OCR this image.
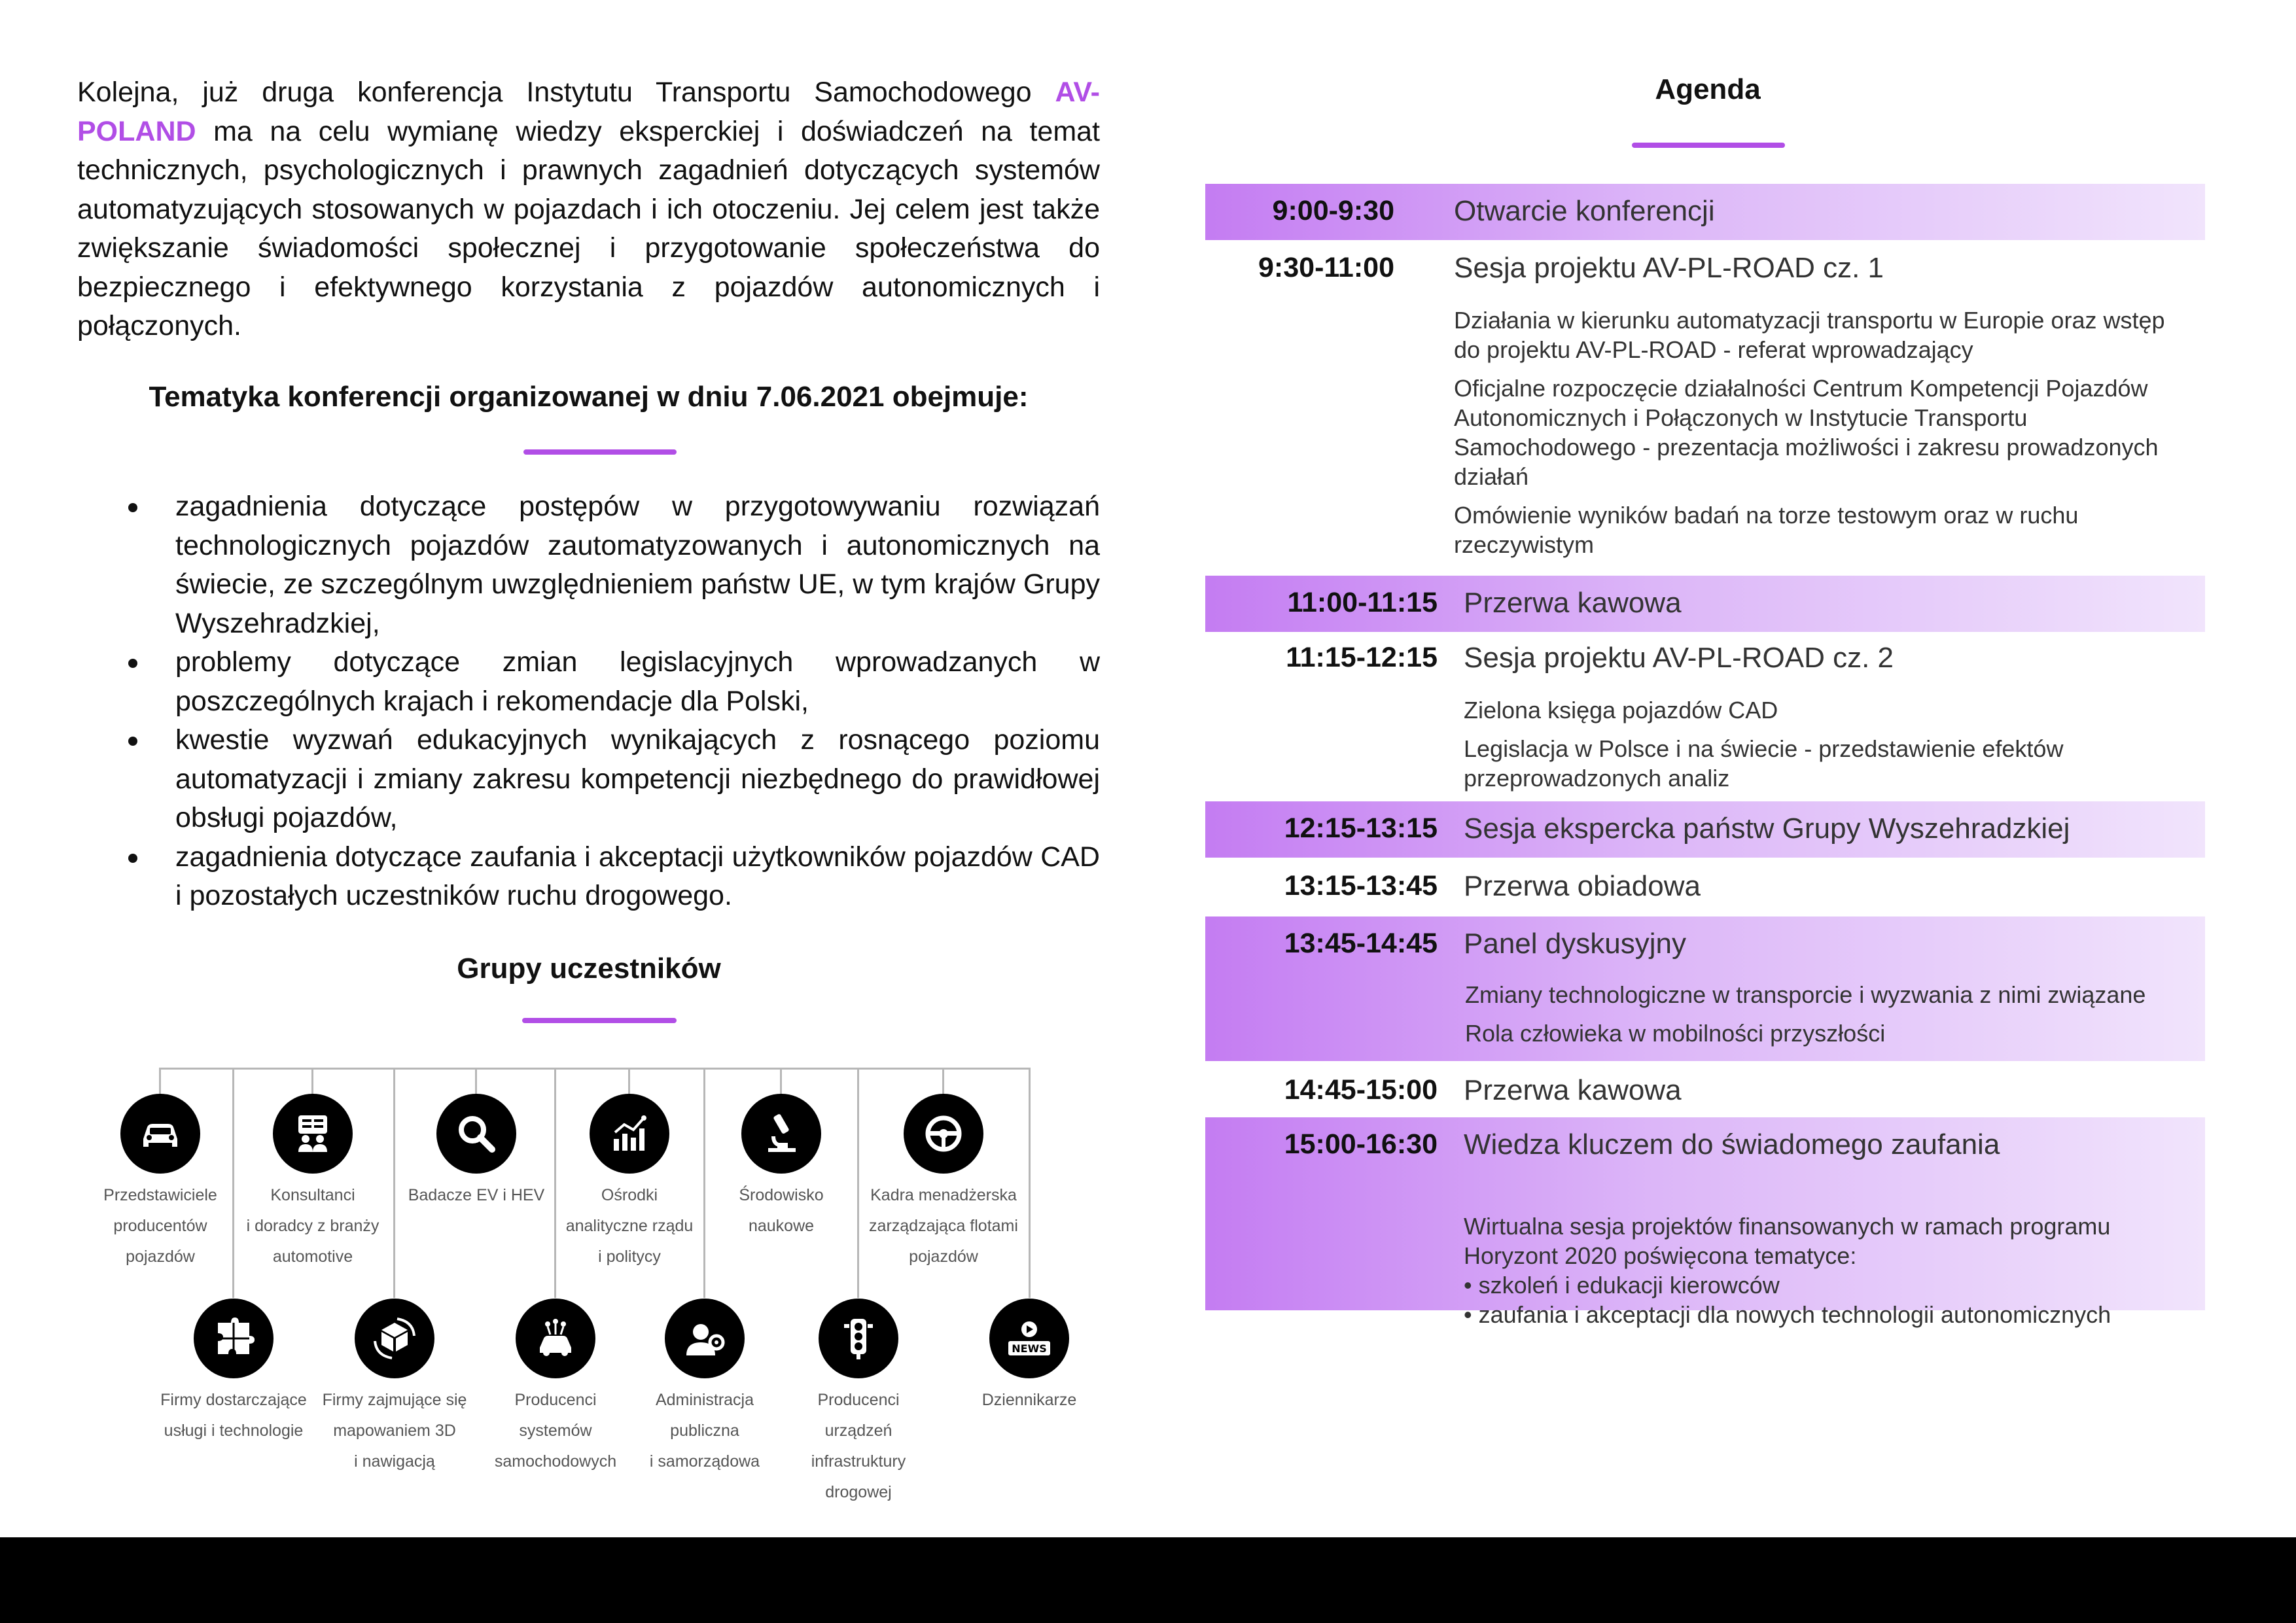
Kolejna, już druga konferencja Instytutu Transportu Samochodowego AV-POLAND ma na celu wymianę wiedzy eksperckiej i doświadczeń na temat technicznych, psychologicznych i prawnych zagadnień dotyczących systemów automatyzujących stosowanych w pojazdach i ich otoczeniu. Jej celem jest także zwiększanie świadomości społecznej i przygotowanie społeczeństwa do bezpiecznego i efektywnego korzystania z pojazdów autonomicznych i połączonych.

Tematyka konferencji organizowanej w dniu 7.06.2021 obejmuje:
zagadnienia dotyczące postępów w przygotowywaniu rozwiązań technologicznych pojazdów zautomatyzowanych i autonomicznych na świecie, ze szczególnym uwzględnieniem państw UE, w tym krajów Grupy Wyszehradzkiej,
problemy dotyczące zmian legislacyjnych wprowadzanych w poszczególnych krajach i rekomendacje dla Polski,
kwestie wyzwań edukacyjnych wynikających z rosnącego poziomu automatyzacji i zmiany zakresu kompetencji niezbędnego do prawidłowej obsługi pojazdów,
zagadnienia dotyczące zaufania i akceptacji użytkowników pojazdów CAD i pozostałych uczestników ruchu drogowego.
Grupy uczestników
Przedstawiciele
producentów
pojazdów
Konsultanci
i doradcy z branży
automotive
Badacze EV i HEV	Ośrodki
analityczne rządu
i politycy
Środowisko
naukowe
Kadra menadżerska
zarządzająca flotami
pojazdów
Firmy dostarczające
usługi i technologie
Firmy zajmujące się
mapowaniem 3D
i nawigacją
Producenci
systemów
samochodowych
Administracja
publiczna
i samorządowa
Producenci urządzeń
infrastruktury
drogowej
NEWS
Dziennikarze
Agenda
9:00-9:30 Otwarcie konferencji
9:30-11:00 Sesja projektu AV-PL-ROAD cz. 1

Działania w kierunku automatyzacji transportu w Europie oraz wstęp do projektu AV-PL-ROAD - referat wprowadzający

Oficjalne rozpoczęcie działalności Centrum Kompetencji Pojazdów Autonomicznych i Połączonych w Instytucie Transportu Samochodowego - prezentacja możliwości i zakresu prowadzonych działań

Omówienie wyników badań na torze testowym oraz w ruchu rzeczywistym

11:00-11:15 Przerwa kawowa
11:15-12:15 Sesja projektu AV-PL-ROAD cz. 2

Zielona księga pojazdów CAD

Legislacja w Polsce i na świecie - przedstawienie efektów przeprowadzonych analiz

12:15-13:15 Sesja ekspercka państw Grupy Wyszehradzkiej
13:15-13:45 Przerwa obiadowa
13:45-14:45 Panel dyskusyjny

Zmiany technologiczne w transporcie i wyzwania z nimi związane

Rola człowieka w mobilności przyszłości

14:45-15:00 Przerwa kawowa
15:00-16:30 Wiedza kluczem do świadomego zaufania

Wirtualna sesja projektów finansowanych w ramach programu Horyzont 2020 poświęcona tematyce:
• szkoleń i edukacji kierowców
• zaufania i akceptacji dla nowych technologii autonomicznych
